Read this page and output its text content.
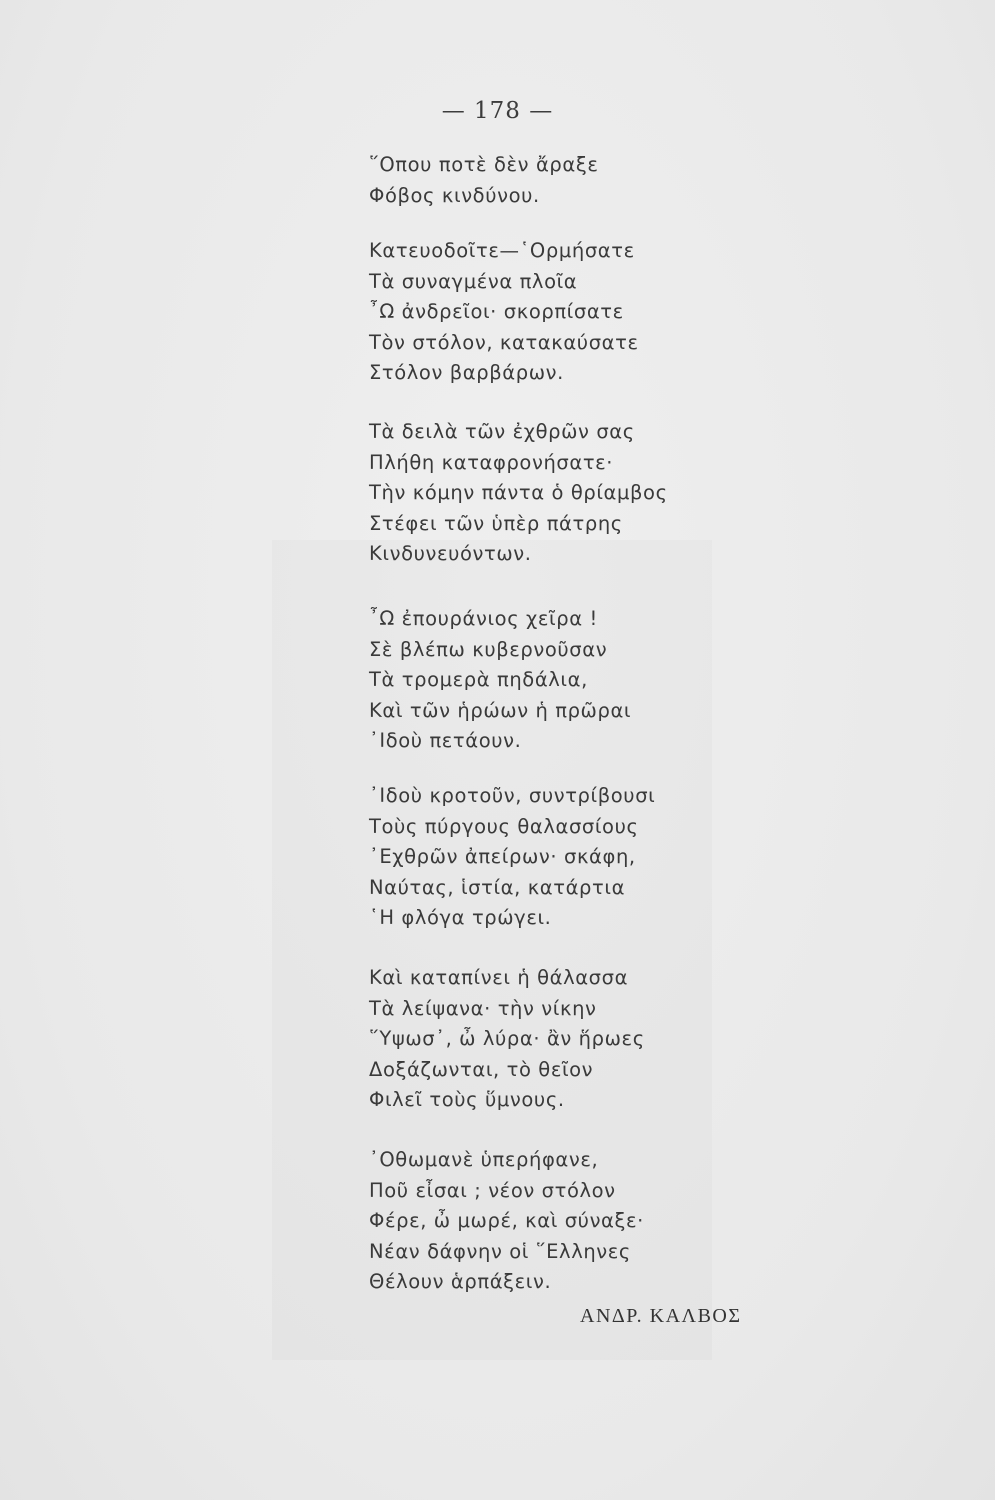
— 178 —
῞Οπου ποτὲ δὲν ἄραξε
Φόβος κινδύνου.
Κατευοδοῖτε—῾Ορμήσατε
Τὰ συναγμένα πλοῖα
῏Ω ἀνδρεῖοι· σκορπίσατε
Τὸν στόλον, κατακαύσατε
Στόλον βαρβάρων.
Τὰ δειλὰ τῶν ἐχθρῶν σας
Πλήθη καταφρονήσατε·
Τὴν κόμην πάντα ὁ θρίαμβος
Στέφει τῶν ὑπὲρ πάτρης
Κινδυνευόντων.
῏Ω ἐπουράνιος χεῖρα !
Σὲ βλέπω κυβερνοῦσαν
Τὰ τρομερὰ πηδάλια,
Καὶ τῶν ἡρώων ἡ πρῶραι
᾿Ιδοὺ πετάουν.
᾿Ιδοὺ κροτοῦν, συντρίβουσι
Τοὺς πύργους θαλασσίους
᾿Εχθρῶν ἀπείρων· σκάφη,
Ναύτας, ἱστία, κατάρτια
῾Η φλόγα τρώγει.
Καὶ καταπίνει ἡ θάλασσα
Τὰ λείψανα· τὴν νίκην
῞Υψωσ᾽, ὦ λύρα· ἂν ἥρωες
Δοξάζωνται, τὸ θεῖον
Φιλεῖ τοὺς ὕμνους.
᾿Οθωμανὲ ὑπερήφανε,
Ποῦ εἶσαι ; νέον στόλον
Φέρε, ὦ μωρέ, καὶ σύναξε·
Νέαν δάφνην οἱ ῞Ελληνες
Θέλουν ἁρπάξειν.
ΑΝΔΡ. ΚΑΛΒΟΣ
